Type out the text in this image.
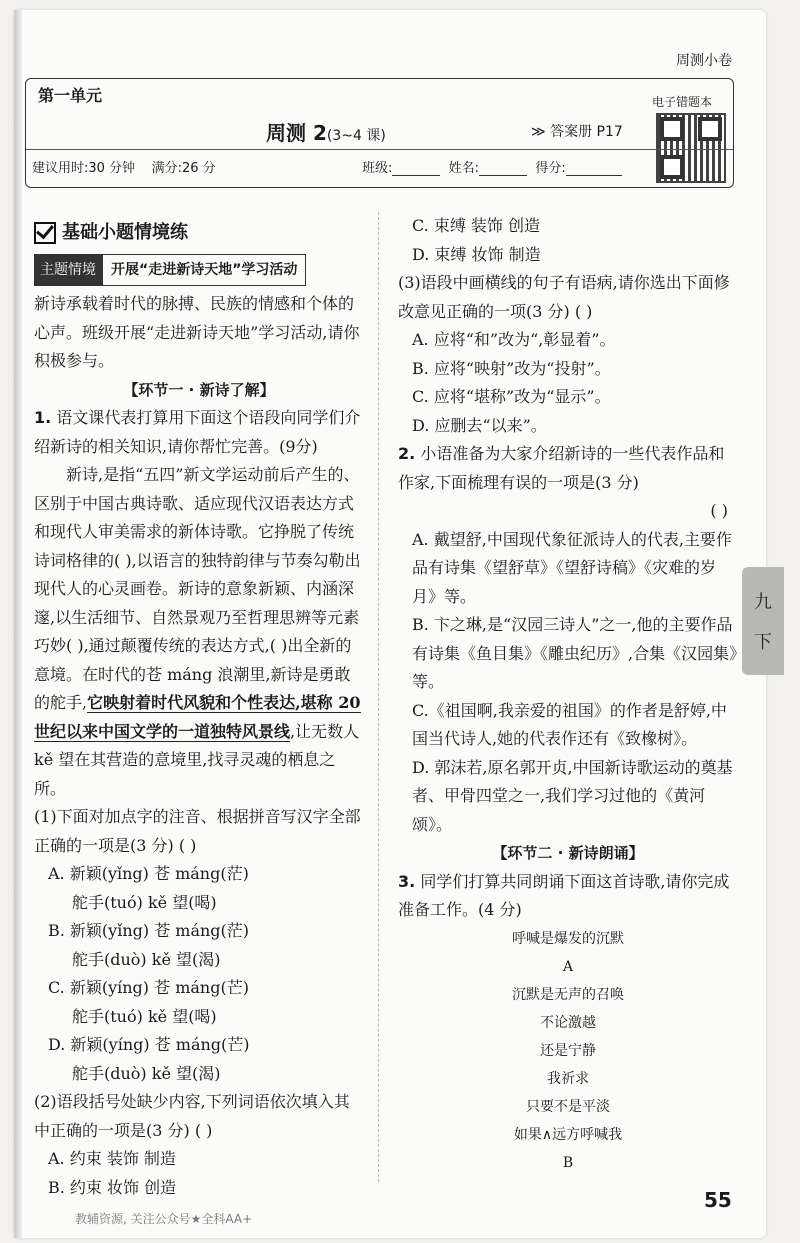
周测小卷
第一单元
周测 2(3~4 课)	≫ 答案册 P17
电子错题本
建议用时:30 分钟 满分:26 分	班级:	姓名:	得分:
基础小题情境练
主题情境	开展“走进新诗天地”学习活动
新诗承载着时代的脉搏、民族的情感和个体的心声。班级开展“走进新诗天地”学习活动,请你积极参与。
【环节一 · 新诗了解】
1. 语文课代表打算用下面这个语段向同学们介绍新诗的相关知识,请你帮忙完善。(9分)
新诗,是指“五四”新文学运动前后产生的、区别于中国古典诗歌、适应现代汉语表达方式和现代人审美需求的新体诗歌。它挣脱了传统诗词格律的( ),以语言的独特韵律与节奏勾勒出现代人的心灵画卷。新诗的意象新颖、内涵深邃,以生活细节、自然景观乃至哲理思辨等元素巧妙( ),通过颠覆传统的表达方式,( )出全新的意境。在时代的苍 máng 浪潮里,新诗是勇敢的舵手,它映射着时代风貌和个性表达,堪称 20 世纪以来中国文学的一道独特风景线,让无数人 kě 望在其营造的意境里,找寻灵魂的栖息之所。
(1)下面对加点字的注音、根据拼音写汉字全部正确的一项是(3 分) ( )
A. 新颖(yǐng) 苍 máng(茫)
舵手(tuó) kě 望(喝)
B. 新颖(yǐng) 苍 máng(茫)
舵手(duò) kě 望(渴)
C. 新颖(yíng) 苍 máng(芒)
舵手(tuó) kě 望(喝)
D. 新颖(yíng) 苍 máng(芒)
舵手(duò) kě 望(渴)
(2)语段括号处缺少内容,下列词语依次填入其中正确的一项是(3 分) ( )
A. 约束 装饰 制造
B. 约束 妆饰 创造
C. 束缚 装饰 创造
D. 束缚 妆饰 制造
(3)语段中画横线的句子有语病,请你选出下面修改意见正确的一项(3 分) ( )
A. 应将“和”改为“,彰显着”。
B. 应将“映射”改为“投射”。
C. 应将“堪称”改为“显示”。
D. 应删去“以来”。
2. 小语准备为大家介绍新诗的一些代表作品和作家,下面梳理有误的一项是(3 分)
( )
A. 戴望舒,中国现代象征派诗人的代表,主要作品有诗集《望舒草》《望舒诗稿》《灾难的岁月》等。
B. 卞之琳,是“汉园三诗人”之一,他的主要作品有诗集《鱼目集》《雕虫纪历》,合集《汉园集》等。
C.《祖国啊,我亲爱的祖国》的作者是舒婷,中国当代诗人,她的代表作还有《致橡树》。
D. 郭沫若,原名郭开贞,中国新诗歌运动的奠基者、甲骨四堂之一,我们学习过他的《黄河颂》。
【环节二 · 新诗朗诵】
3. 同学们打算共同朗诵下面这首诗歌,请你完成准备工作。(4 分)
呼喊是爆发的沉默
A
沉默是无声的召唤
不论激越
还是宁静
我祈求
只要不是平淡
如果∧远方呼喊我
B
九
下
55
教辅资源, 关注公众号★全科AA+
